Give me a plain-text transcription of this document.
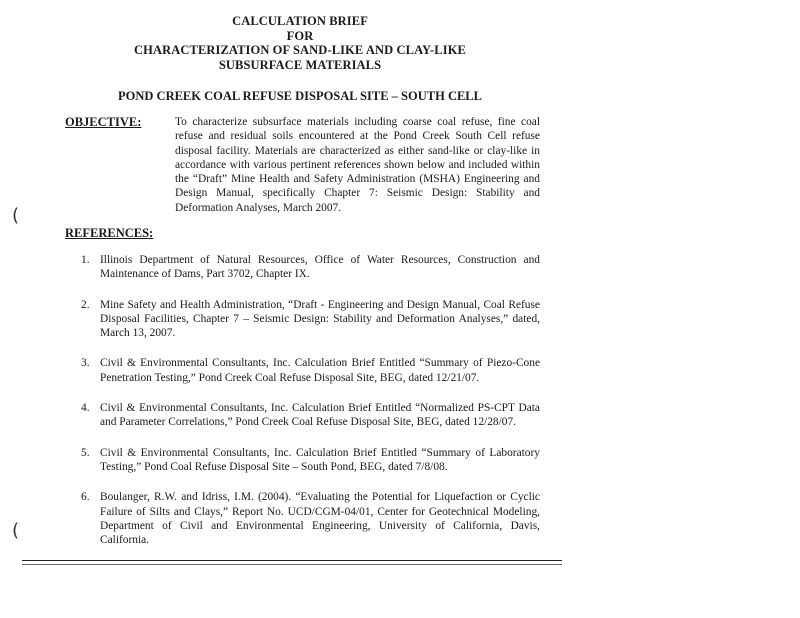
CALCULATION BRIEF
FOR
CHARACTERIZATION OF SAND-LIKE AND CLAY-LIKE
SUBSURFACE MATERIALS
POND CREEK COAL REFUSE DISPOSAL SITE – SOUTH CELL
OBJECTIVE:	To characterize subsurface materials including coarse coal refuse, fine coal refuse and residual soils encountered at the Pond Creek South Cell refuse disposal facility. Materials are characterized as either sand-like or clay-like in accordance with various pertinent references shown below and included within the “Draft” Mine Health and Safety Administration (MSHA) Engineering and Design Manual, specifically Chapter 7: Seismic Design: Stability and Deformation Analyses, March 2007.
(
REFERENCES:
1. Illinois Department of Natural Resources, Office of Water Resources, Construction and Maintenance of Dams, Part 3702, Chapter IX.
2. Mine Safety and Health Administration, “Draft - Engineering and Design Manual, Coal Refuse Disposal Facilities, Chapter 7 – Seismic Design: Stability and Deformation Analyses,” dated, March 13, 2007.
3. Civil & Environmental Consultants, Inc. Calculation Brief Entitled “Summary of Piezo-Cone Penetration Testing,” Pond Creek Coal Refuse Disposal Site, BEG, dated 12/21/07.
4. Civil & Environmental Consultants, Inc. Calculation Brief Entitled “Normalized PS-CPT Data and Parameter Correlations,” Pond Creek Coal Refuse Disposal Site, BEG, dated 12/28/07.
5. Civil & Environmental Consultants, Inc. Calculation Brief Entitled “Summary of Laboratory Testing,” Pond Coal Refuse Disposal Site – South Pond, BEG, dated 7/8/08.
6. Boulanger, R.W. and Idriss, I.M. (2004). “Evaluating the Potential for Liquefaction or Cyclic Failure of Silts and Clays,” Report No. UCD/CGM-04/01, Center for Geotechnical Modeling, Department of Civil and Environmental Engineering, University of California, Davis, California.
(
